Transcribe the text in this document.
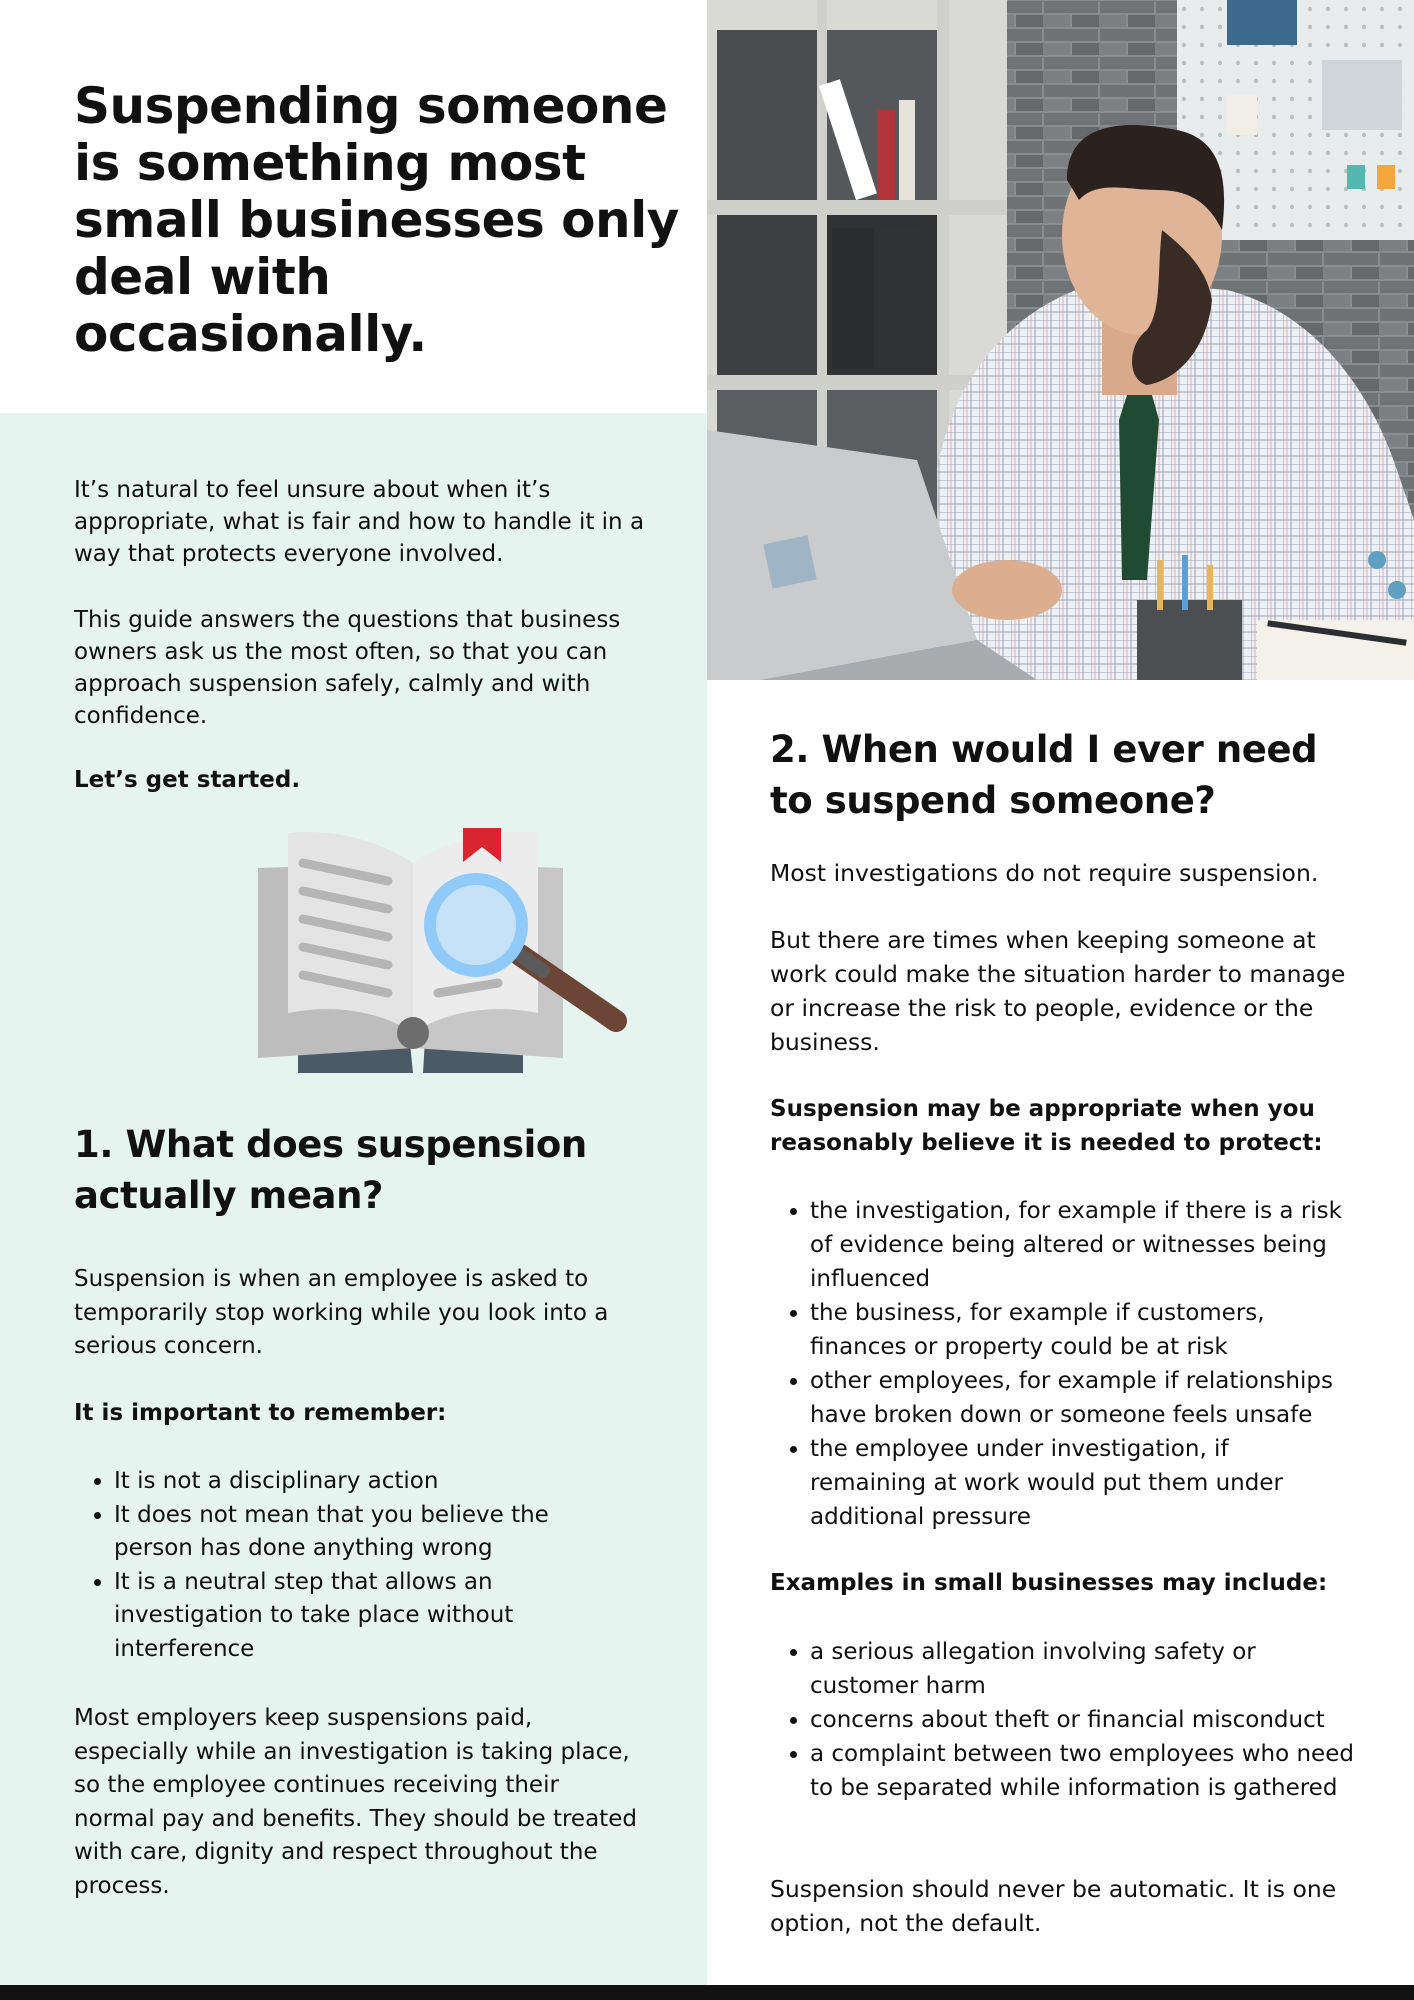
Suspending someone is something most small businesses only deal with occasionally.

It’s natural to feel unsure about when it’s appropriate, what is fair and how to handle it in a way that protects everyone involved.

This guide answers the questions that business owners ask us the most often, so that you can approach suspension safely, calmly and with confidence.

Let’s get started.

1. What does suspension actually mean?

Suspension is when an employee is asked to temporarily stop working while you look into a serious concern.

It is important to remember:

• It is not a disciplinary action
• It does not mean that you believe the person has done anything wrong
• It is a neutral step that allows an investigation to take place without interference

Most employers keep suspensions paid, especially while an investigation is taking place, so the employee continues receiving their normal pay and benefits. They should be treated with care, dignity and respect throughout the process.

2. When would I ever need to suspend someone?

Most investigations do not require suspension.

But there are times when keeping someone at work could make the situation harder to manage or increase the risk to people, evidence or the business.

Suspension may be appropriate when you reasonably believe it is needed to protect:

• the investigation, for example if there is a risk of evidence being altered or witnesses being influenced
• the business, for example if customers, finances or property could be at risk
• other employees, for example if relationships have broken down or someone feels unsafe
• the employee under investigation, if remaining at work would put them under additional pressure

Examples in small businesses may include:

• a serious allegation involving safety or customer harm
• concerns about theft or financial misconduct
• a complaint between two employees who need to be separated while information is gathered

Suspension should never be automatic. It is one option, not the default.
